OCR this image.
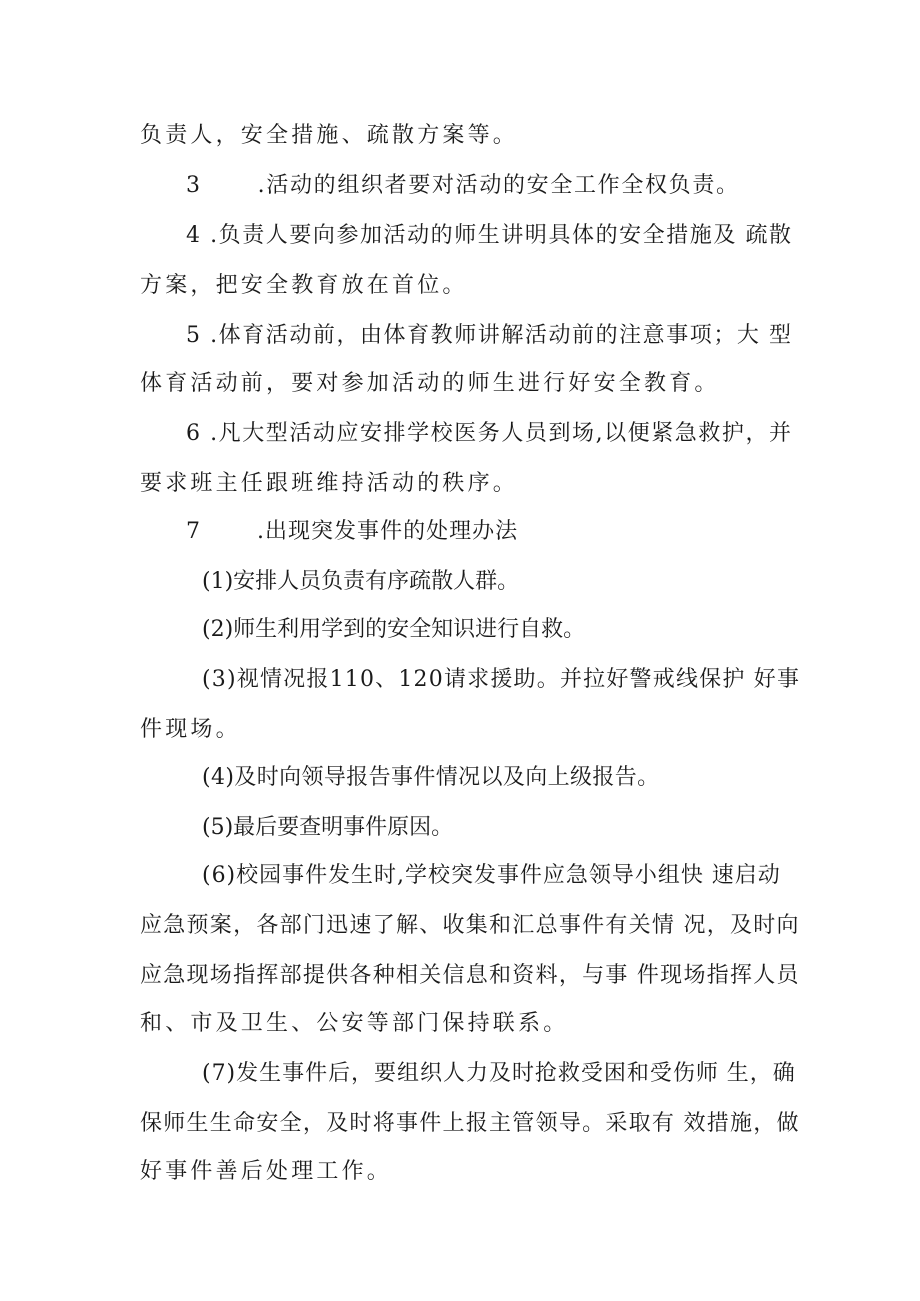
负责人，安全措施、疏散方案等。
3	.活动的组织者要对活动的安全工作全权负责。
4 .负责人要向参加活动的师生讲明具体的安全措施及 疏散
方案，把安全教育放在首位。
5 .体育活动前，由体育教师讲解活动前的注意事项；大 型
体育活动前，要对参加活动的师生进行好安全教育。
6 .凡大型活动应安排学校医务人员到场,以便紧急救护，并
要求班主任跟班维持活动的秩序。
7	.出现突发事件的处理办法
(1)安排人员负责有序疏散人群。
(2)师生利用学到的安全知识进行自救。
(3)视情况报110、120请求援助。并拉好警戒线保护 好事
件现场。
(4)及时向领导报告事件情况以及向上级报告。
(5)最后要查明事件原因。
(6)校园事件发生时,学校突发事件应急领导小组快 速启动
应急预案，各部门迅速了解、收集和汇总事件有关情 况，及时向
应急现场指挥部提供各种相关信息和资料，与事 件现场指挥人员
和、市及卫生、公安等部门保持联系。
(7)发生事件后，要组织人力及时抢救受困和受伤师 生，确
保师生生命安全，及时将事件上报主管领导。采取有 效措施，做
好事件善后处理工作。
